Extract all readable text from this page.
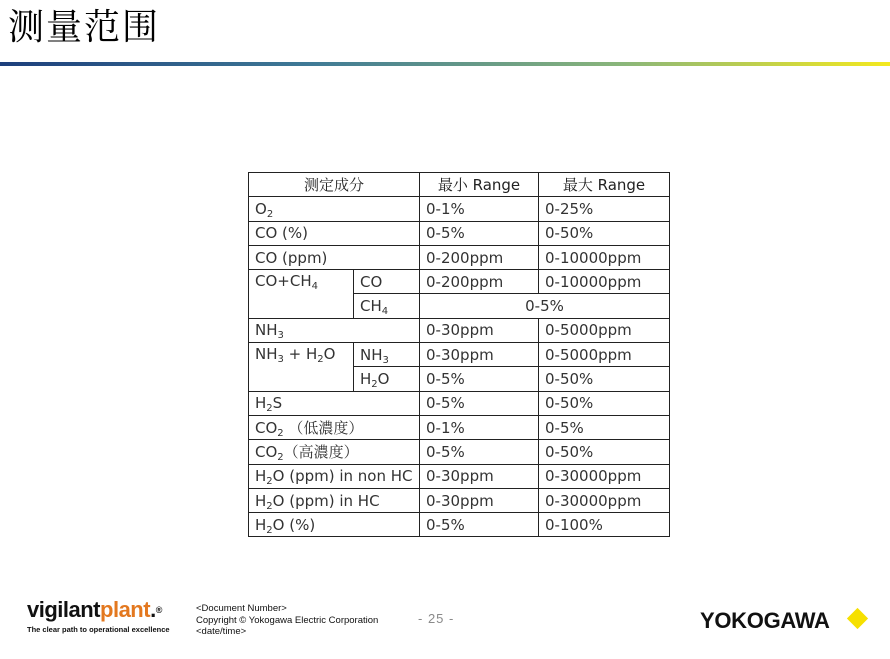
测量范围
测定成分		最小 Range	最大 Range
$O_2$		0-1%	0-25%
CO (%)		0-5%	0-50%
CO (ppm)		0-200ppm	0-10000ppm
$CO+CH_4$	CO	0-200ppm	0-10000ppm
	$CH_4$	0-5%	
$NH_3$		0-30ppm	0-5000ppm
$NH_3 + H_2O$	$NH_3$	0-30ppm	0-5000ppm
	$H_2O$	0-5%	0-50%
$H_2S$		0-5%	0-50%
$CO_2$ （低濃度）		0-1%	0-5%
$CO_2$（高濃度）		0-5%	0-50%
$H_2O$ (ppm) in non HC		0-30ppm	0-30000ppm
$H_2O$ (ppm) in HC		0-30ppm	0-30000ppm
$H_2O$ (%)		0-5%	0-100%
vigilantplant.®
The clear path to operational excellence
<Document Number>
Copyright © Yokogawa Electric Corporation
<date/time>
- 25 -	YOKOGAWA
